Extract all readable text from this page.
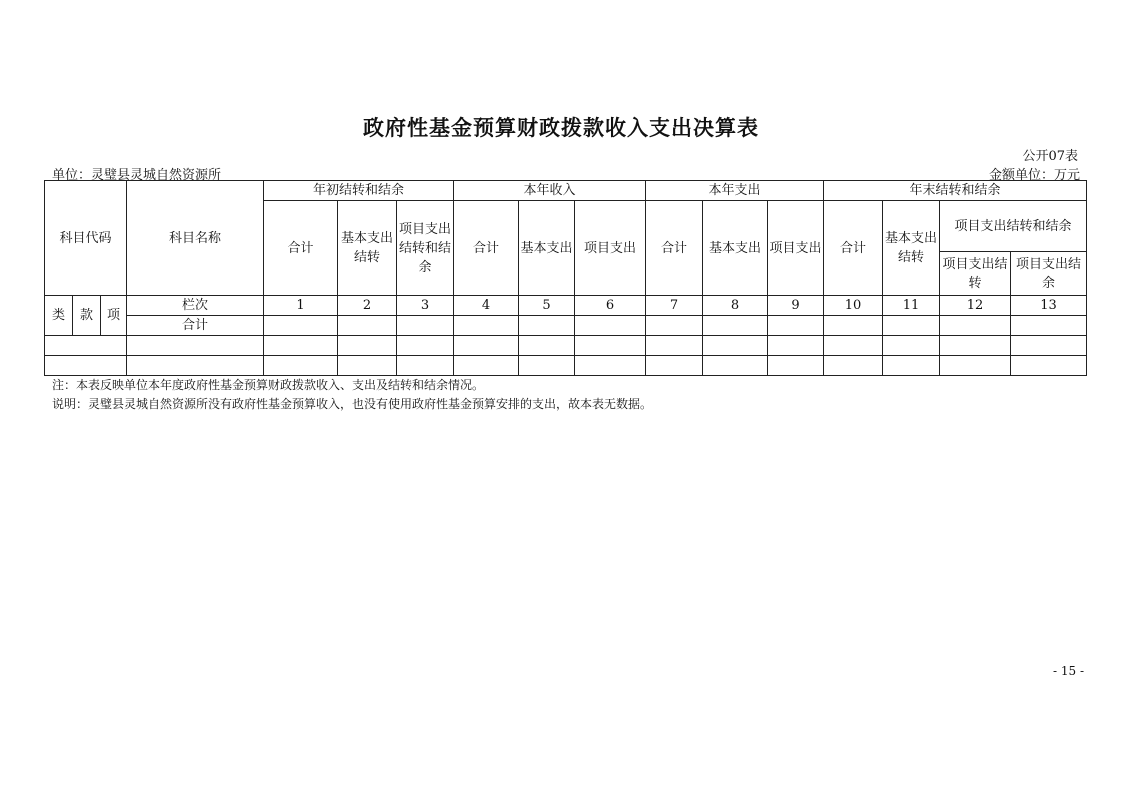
政府性基金预算财政拨款收入支出决算表
公开07表
单位：灵璧县灵城自然资源所	金额单位：万元
科目代码			科目名称	年初结转和结余			本年收入			本年支出			年末结转和结余			
				合计	基本支出结转	项目支出结转和结余	合计	基本支出	项目支出	合计	基本支出	项目支出	合计	基本支出结转	项目支出结转和结余	
															项目支出结转	项目支出结余
类	款	项	栏次	1	2	3	4	5	6	7	8	9	10	11	12	13
			合计													

注：本表反映单位本年度政府性基金预算财政拨款收入、支出及结转和结余情况。
说明：灵璧县灵城自然资源所没有政府性基金预算收入，也没有使用政府性基金预算安排的支出，故本表无数据。
- 15 -
